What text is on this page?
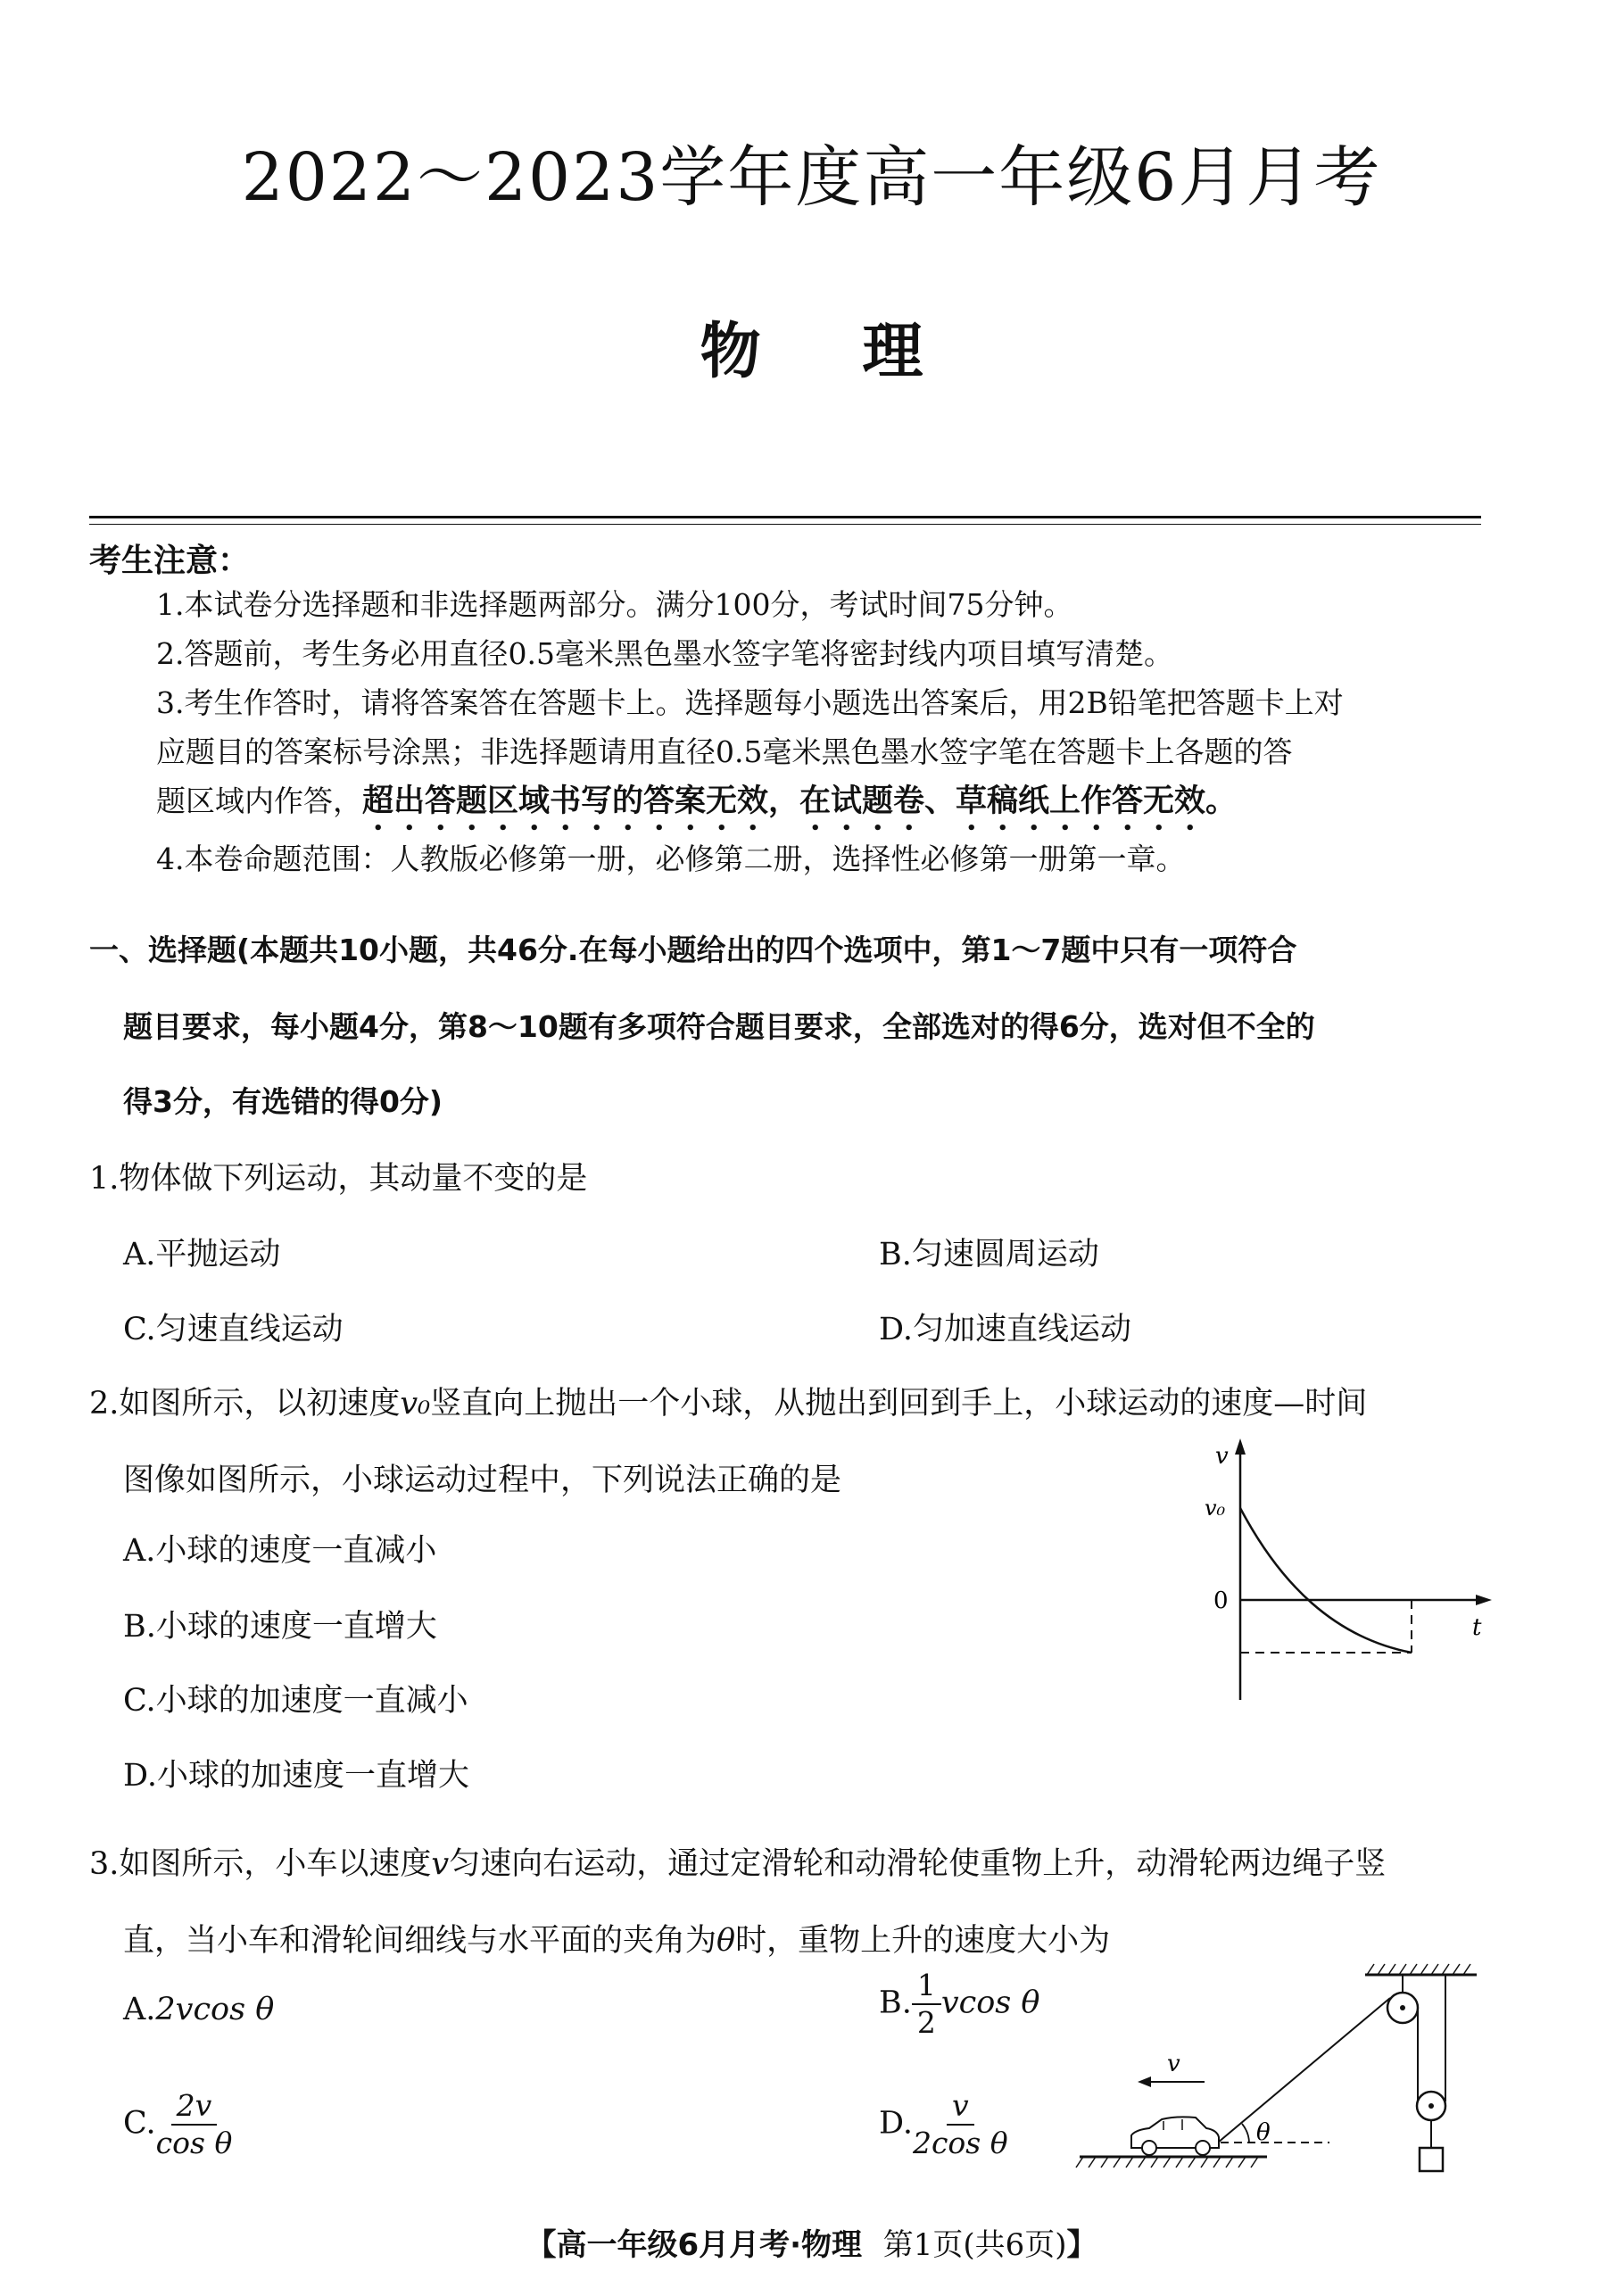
2022～2023学年度高一年级6月月考
物 理
考生注意：
1.本试卷分选择题和非选择题两部分。满分100分，考试时间75分钟。
2.答题前，考生务必用直径0.5毫米黑色墨水签字笔将密封线内项目填写清楚。
3.考生作答时，请将答案答在答题卡上。选择题每小题选出答案后，用2B铅笔把答题卡上对
应题目的答案标号涂黑；非选择题请用直径0.5毫米黑色墨水签字笔在答题卡上各题的答
题区域内作答，超出答题区域书写的答案无效，在试题卷、草稿纸上作答无效。
4.本卷命题范围：人教版必修第一册，必修第二册，选择性必修第一册第一章。
一、选择题(本题共10小题，共46分.在每小题给出的四个选项中，第1～7题中只有一项符合
题目要求，每小题4分，第8～10题有多项符合题目要求，全部选对的得6分，选对但不全的
得3分，有选错的得0分)
1.物体做下列运动，其动量不变的是
A.平抛运动	B.匀速圆周运动
C.匀速直线运动	D.匀加速直线运动
2.如图所示，以初速度v₀竖直向上抛出一个小球，从抛出到回到手上，小球运动的速度—时间
图像如图所示，小球运动过程中，下列说法正确的是
A.小球的速度一直减小
B.小球的速度一直增大
C.小球的加速度一直减小
D.小球的加速度一直增大
v
v₀
0
t
3.如图所示，小车以速度v匀速向右运动，通过定滑轮和动滑轮使重物上升，动滑轮两边绳子竖
直，当小车和滑轮间细线与水平面的夹角为θ时，重物上升的速度大小为
A.2vcos θ	B. $\frac{1}{2}$ vcos θ
C. $\frac{2v}{\text{cos θ}}$	D. $\frac{v}{\text{2cos θ}}$	θ
v
【高一年级6月月考·物理 第1页(共6页)】
